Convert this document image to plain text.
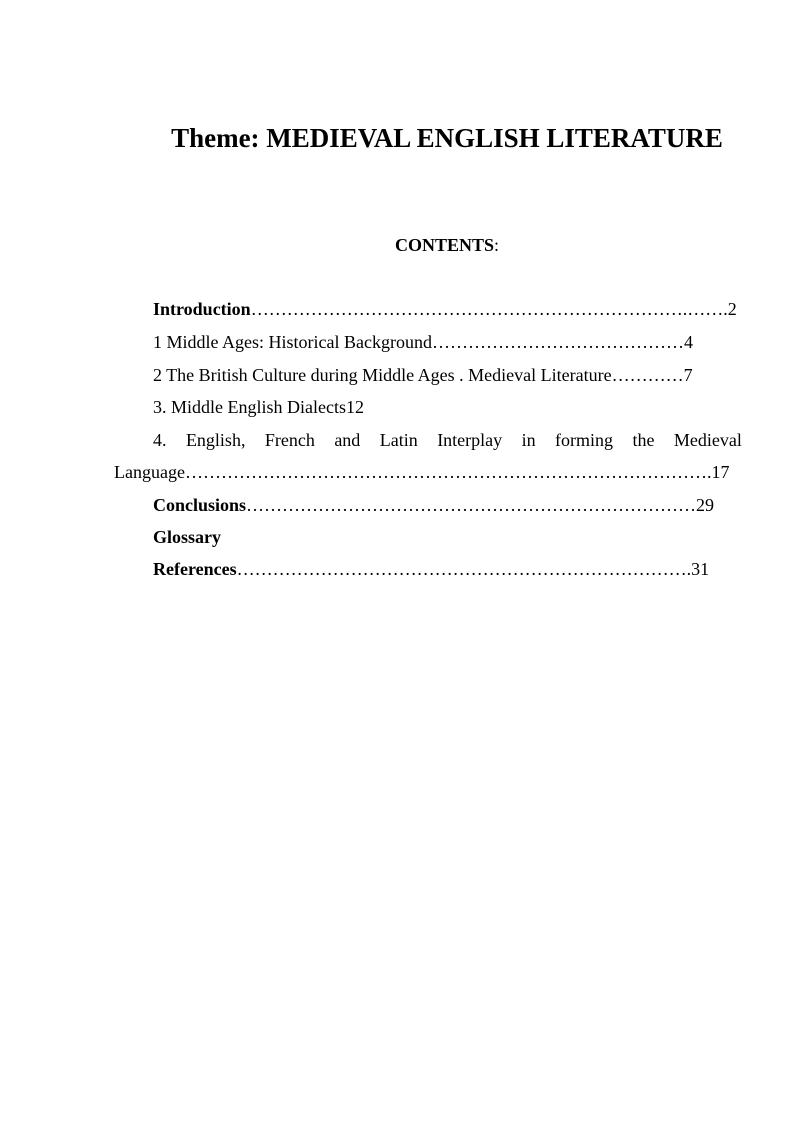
Theme: MEDIEVAL ENGLISH LITERATURE
CONTENTS:
Introduction……………………………………………………………….…….2
1 Middle Ages: Historical Background……………………………………4
2 The British Culture during Middle Ages . Medieval Literature…………7
3. Middle English Dialects12
4. English, French and Latin Interplay in forming the Medieval
Language…………………………………………………………………………….17
Conclusions…………………………………………………………………29
Glossary
References………………………………………………………………….31
